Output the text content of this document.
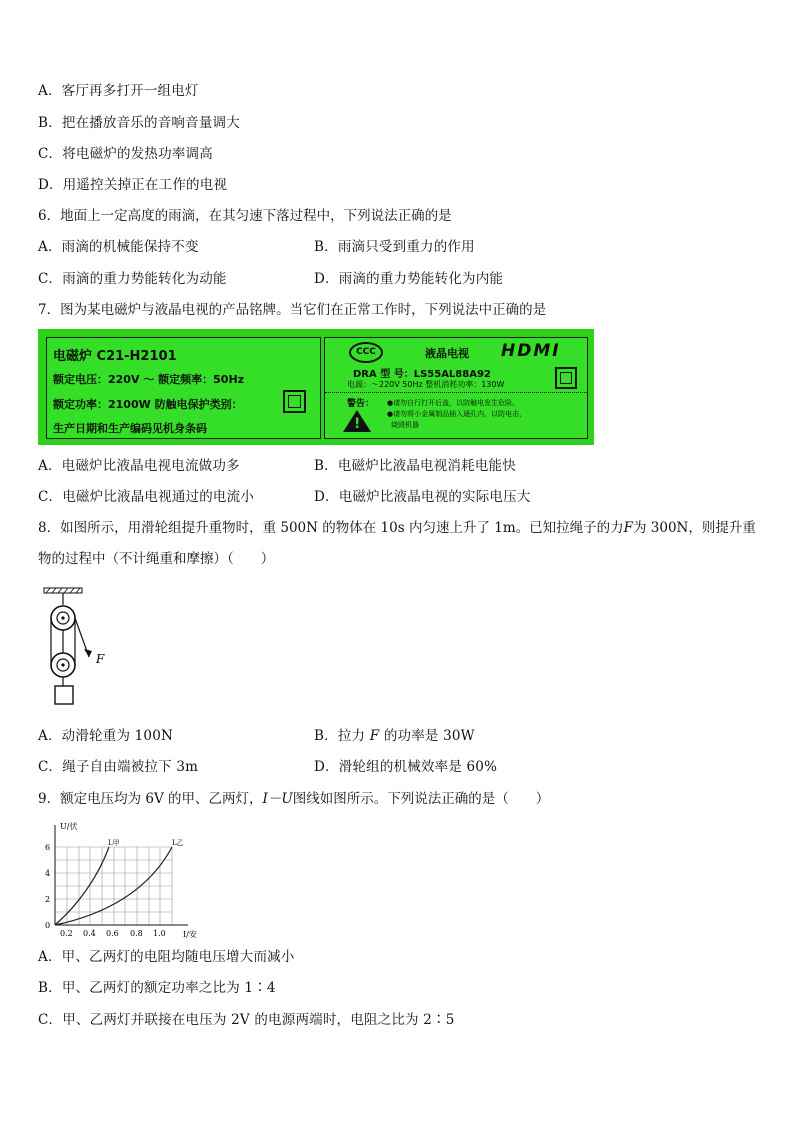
A．客厅再多打开一组电灯
B．把在播放音乐的音响音量调大
C．将电磁炉的发热功率调高
D．用遥控关掉正在工作的电视
6．地面上一定高度的雨滴，在其匀速下落过程中，下列说法正确的是
A．雨滴的机械能保持不变	B．雨滴只受到重力的作用
C．雨滴的重力势能转化为动能	D．雨滴的重力势能转化为内能
7．图为某电磁炉与液晶电视的产品铭牌。当它们在正常工作时，下列说法中正确的是
电磁炉 C21-H2101
额定电压：220V ～ 额定频率：50Hz
额定功率：2100W 防触电保护类别：
生产日期和生产编码见机身条码
CCC	液晶电视 HDMI
DRA 型 号：LS55AL88A92
电源：～220V 50Hz 整机消耗功率：130W
警告：
! ●请勿自行打开后盖，以防触电发生危险。
●请勿将小金属制品插入通孔内，以防电击，
烧毁机器
A．电磁炉比液晶电视电流做功多	B．电磁炉比液晶电视消耗电能快
C．电磁炉比液晶电视通过的电流小	D．电磁炉比液晶电视的实际电压大
8．如图所示，用滑轮组提升重物时，重 500N 的物体在 10s 内匀速上升了 1m。已知拉绳子的力F为 300N，则提升重
物的过程中（不计绳重和摩擦）（　　）
F
A．动滑轮重为 100N	B．拉力 F 的功率是 30W
C．绳子自由端被拉下 3m	D．滑轮组的机械效率是 60%
9．额定电压均为 6V 的甲、乙两灯，I－U图线如图所示。下列说法正确的是（　　）
U/伏
I/安
0
2
4
6
0.2 0.4 0.6 0.8 1.0
L甲	L乙
A．甲、乙两灯的电阻均随电压增大而减小
B．甲、乙两灯的额定功率之比为 1∶4
C．甲、乙两灯并联接在电压为 2V 的电源两端时，电阻之比为 2∶5
